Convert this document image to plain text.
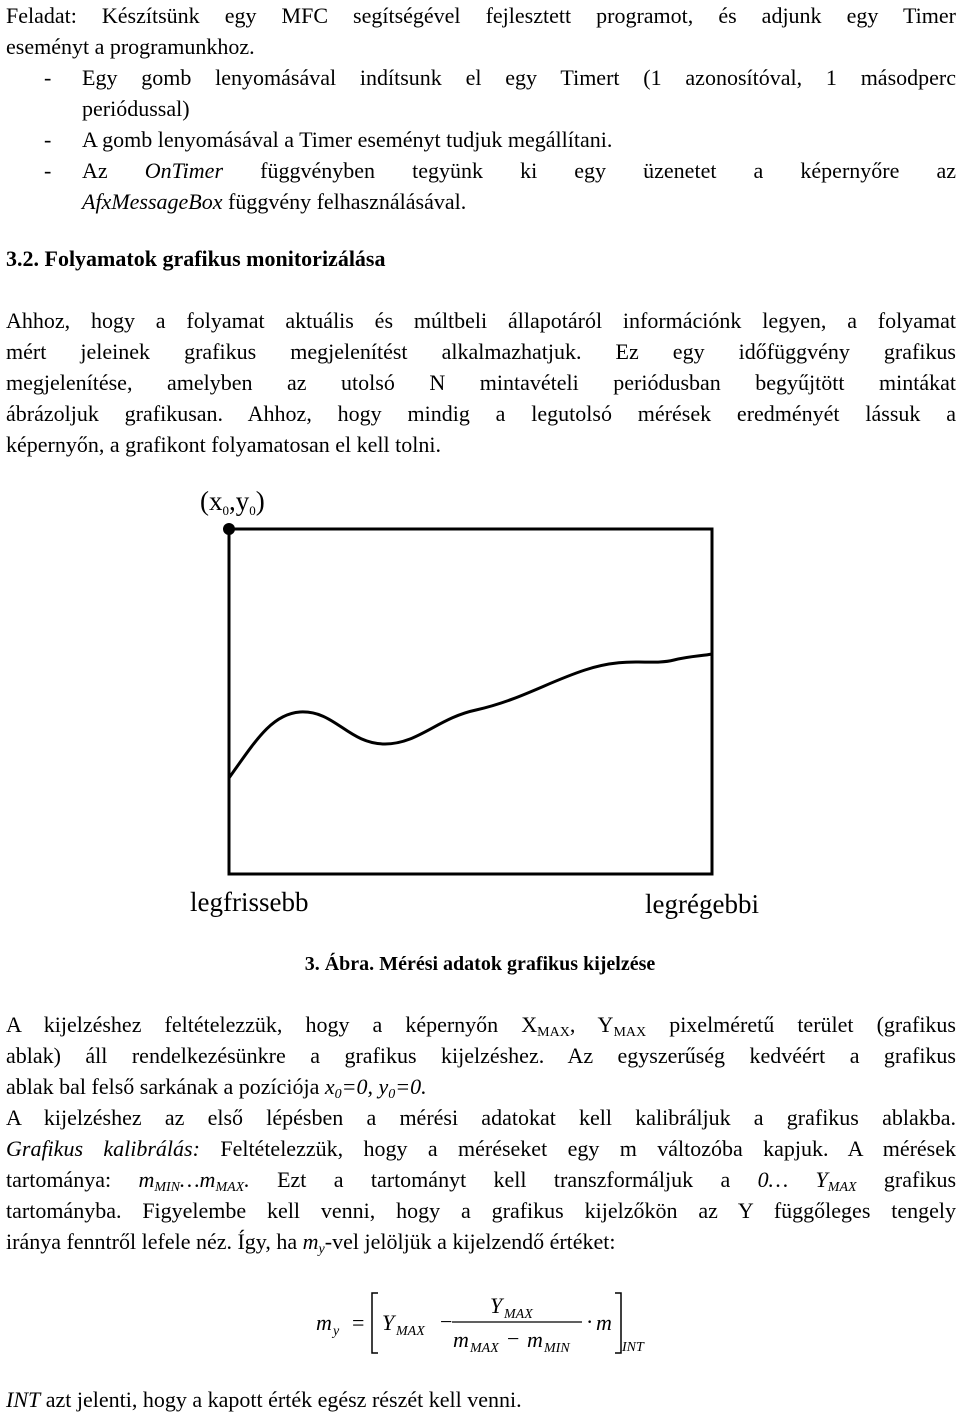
Feladat: Készítsünk egy MFC segítségével fejlesztett programot, és adjunk egy Timer

eseményt a programunkhoz.

- Egy gomb lenyomásával indítsunk el egy Timert (1 azonosítóval, 1 másodperc

periódussal)

- A gomb lenyomásával a Timer eseményt tudjuk megállítani.

- Az OnTimer függvényben tegyünk ki egy üzenetet a képernyőre az

AfxMessageBox függvény felhasználásával.

3.2. Folyamatok grafikus monitorizálása

Ahhoz, hogy a folyamat aktuális és múltbeli állapotáról információnk legyen, a folyamat

mért jeleinek grafikus megjelenítést alkalmazhatjuk. Ez egy időfüggvény grafikus

megjelenítése, amelyben az utolsó N mintavételi periódusban begyűjtött mintákat

ábrázoljuk grafikusan. Ahhoz, hogy mindig a legutolsó mérések eredményét lássuk a

képernyőn, a grafikont folyamatosan el kell tolni.

(x0,y0)
legfrissebb	legrégebbi
3. Ábra. Mérési adatok grafikus kijelzése

A kijelzéshez feltételezzük, hogy a képernyőn $X_{MAX}$, $Y_{MAX}$ pixelméretű terület (grafikus

ablak) áll rendelkezésünkre a grafikus kijelzéshez. Az egyszerűség kedvéért a grafikus

ablak bal felső sarkának a pozíciója $x_0=0$, $y_0=0$.

A kijelzéshez az első lépésben a mérési adatokat kell kalibráljuk a grafikus ablakba.

Grafikus kalibrálás: Feltételezzük, hogy a méréseket egy m változóba kapjuk. A mérések

tartománya: $m_{MIN}\dots m_{MAX}$. Ezt a tartományt kell transzformáljuk a 0… $Y_{MAX}$ grafikus

tartományba. Figyelembe kell venni, hogy a grafikus kijelzőkön az Y függőleges tengely

iránya fenntről lefele néz. Így, ha $m_y$-vel jelöljük a kijelzendő értéket:

m y = Y MAX −
Y MAX
m MAX − m MIN
· m
INT

INT azt jelenti, hogy a kapott érték egész részét kell venni.
